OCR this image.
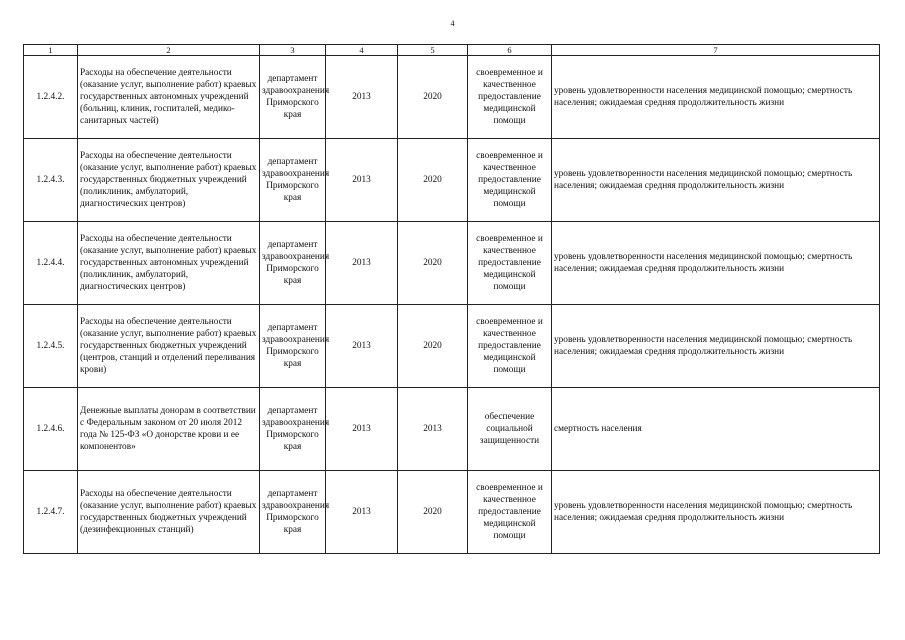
4
1	2	3	4	5	6	7
1.2.4.2.	Расходы на обеспечение деятельности (оказание услуг, выполнение работ) краевых государственных автономных учреждений (больниц, клиник, госпиталей, медико-санитарных частей)	департамент здравоохранения Приморского края	2013	2020	своевременное и качественное предоставление медицинской помощи	уровень удовлетворенности населения медицинской помощью; смертность населения; ожидаемая средняя продолжительность жизни
1.2.4.3.	Расходы на обеспечение деятельности (оказание услуг, выполнение работ) краевых государственных бюджетных учреждений (поликлиник, амбулаторий, диагностических центров)	департамент здравоохранения Приморского края	2013	2020	своевременное и качественное предоставление медицинской помощи	уровень удовлетворенности населения медицинской помощью; смертность населения; ожидаемая средняя продолжительность жизни
1.2.4.4.	Расходы на обеспечение деятельности (оказание услуг, выполнение работ) краевых государственных автономных учреждений (поликлиник, амбулаторий, диагностических центров)	департамент здравоохранения Приморского края	2013	2020	своевременное и качественное предоставление медицинской помощи	уровень удовлетворенности населения медицинской помощью; смертность населения; ожидаемая средняя продолжительность жизни
1.2.4.5.	Расходы на обеспечение деятельности (оказание услуг, выполнение работ) краевых государственных бюджетных учреждений (центров, станций и отделений переливания крови)	департамент здравоохранения Приморского края	2013	2020	своевременное и качественное предоставление медицинской помощи	уровень удовлетворенности населения медицинской помощью; смертность населения; ожидаемая средняя продолжительность жизни
1.2.4.6.	Денежные выплаты донорам в соответствии с Федеральным законом от 20 июля 2012 года № 125-ФЗ «О донорстве крови и ее компонентов»	департамент здравоохранения Приморского края	2013	2013	обеспечение социальной защищенности	смертность населения
1.2.4.7.	Расходы на обеспечение деятельности (оказание услуг, выполнение работ) краевых государственных бюджетных учреждений (дезинфекционных станций)	департамент здравоохранения Приморского края	2013	2020	своевременное и качественное предоставление медицинской помощи	уровень удовлетворенности населения медицинской помощью; смертность населения; ожидаемая средняя продолжительность жизни
